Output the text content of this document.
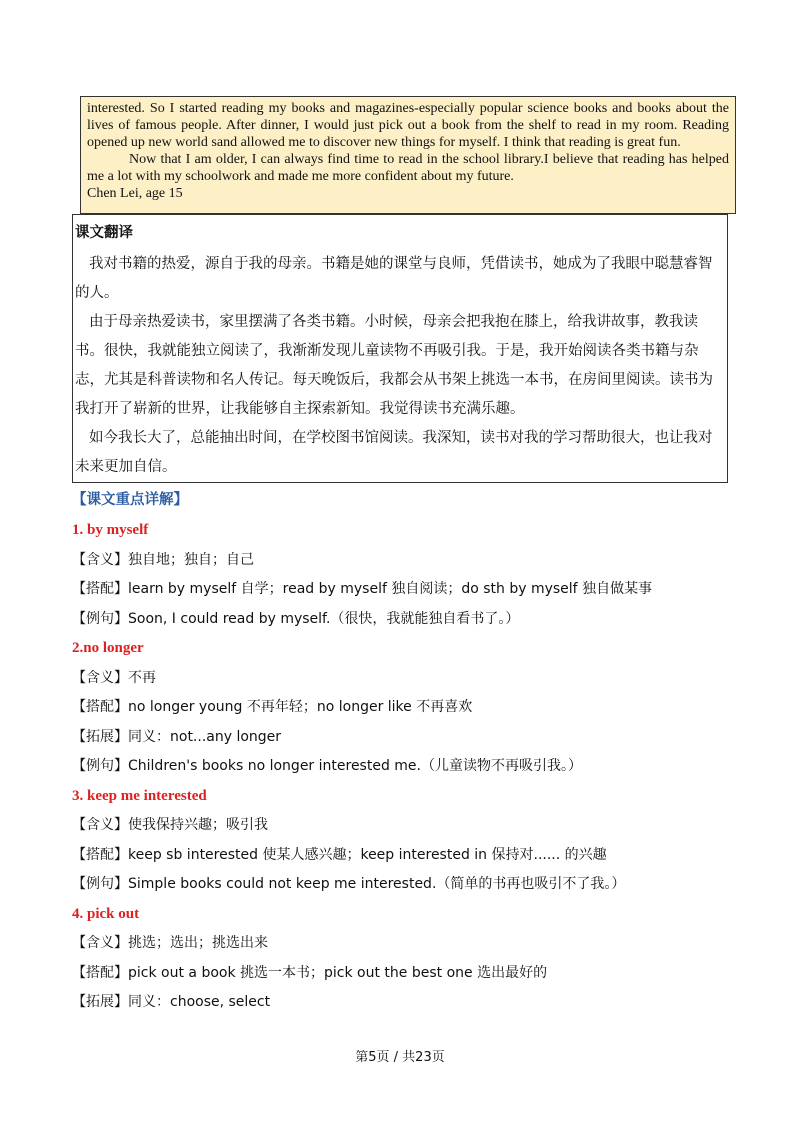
interested. So I started reading my books and magazines-especially popular science books and books about the lives of famous people. After dinner, I would just pick out a book from the shelf to read in my room. Reading opened up new world sand allowed me to discover new things for myself. I think that reading is great fun.

Now that I am older, I can always find time to read in the school library.I believe that reading has helped me a lot with my schoolwork and made me more confident about my future.

Chen Lei, age 15

课文翻译

我对书籍的热爱，源自于我的母亲。书籍是她的课堂与良师，凭借读书，她成为了我眼中聪慧睿智的人。

由于母亲热爱读书，家里摆满了各类书籍。小时候，母亲会把我抱在膝上，给我讲故事，教我读书。很快，我就能独立阅读了，我渐渐发现儿童读物不再吸引我。于是，我开始阅读各类书籍与杂志，尤其是科普读物和名人传记。每天晚饭后，我都会从书架上挑选一本书，在房间里阅读。读书为我打开了崭新的世界，让我能够自主探索新知。我觉得读书充满乐趣。

如今我长大了，总能抽出时间，在学校图书馆阅读。我深知，读书对我的学习帮助很大，也让我对未来更加自信。

【课文重点详解】
1. by myself
【含义】独自地；独自；自己
【搭配】learn by myself 自学；read by myself 独自阅读；do sth by myself 独自做某事
【例句】Soon, I could read by myself.（很快，我就能独自看书了。）
2.no longer
【含义】不再
【搭配】no longer young 不再年轻；no longer like 不再喜欢
【拓展】同义：not...any longer
【例句】Children's books no longer interested me.（儿童读物不再吸引我。）
3. keep me interested
【含义】使我保持兴趣；吸引我
【搭配】keep sb interested 使某人感兴趣；keep interested in 保持对...... 的兴趣
【例句】Simple books could not keep me interested.（简单的书再也吸引不了我。）
4. pick out
【含义】挑选；选出；挑选出来
【搭配】pick out a book 挑选一本书；pick out the best one 选出最好的
【拓展】同义：choose, select
第5页 / 共23页
